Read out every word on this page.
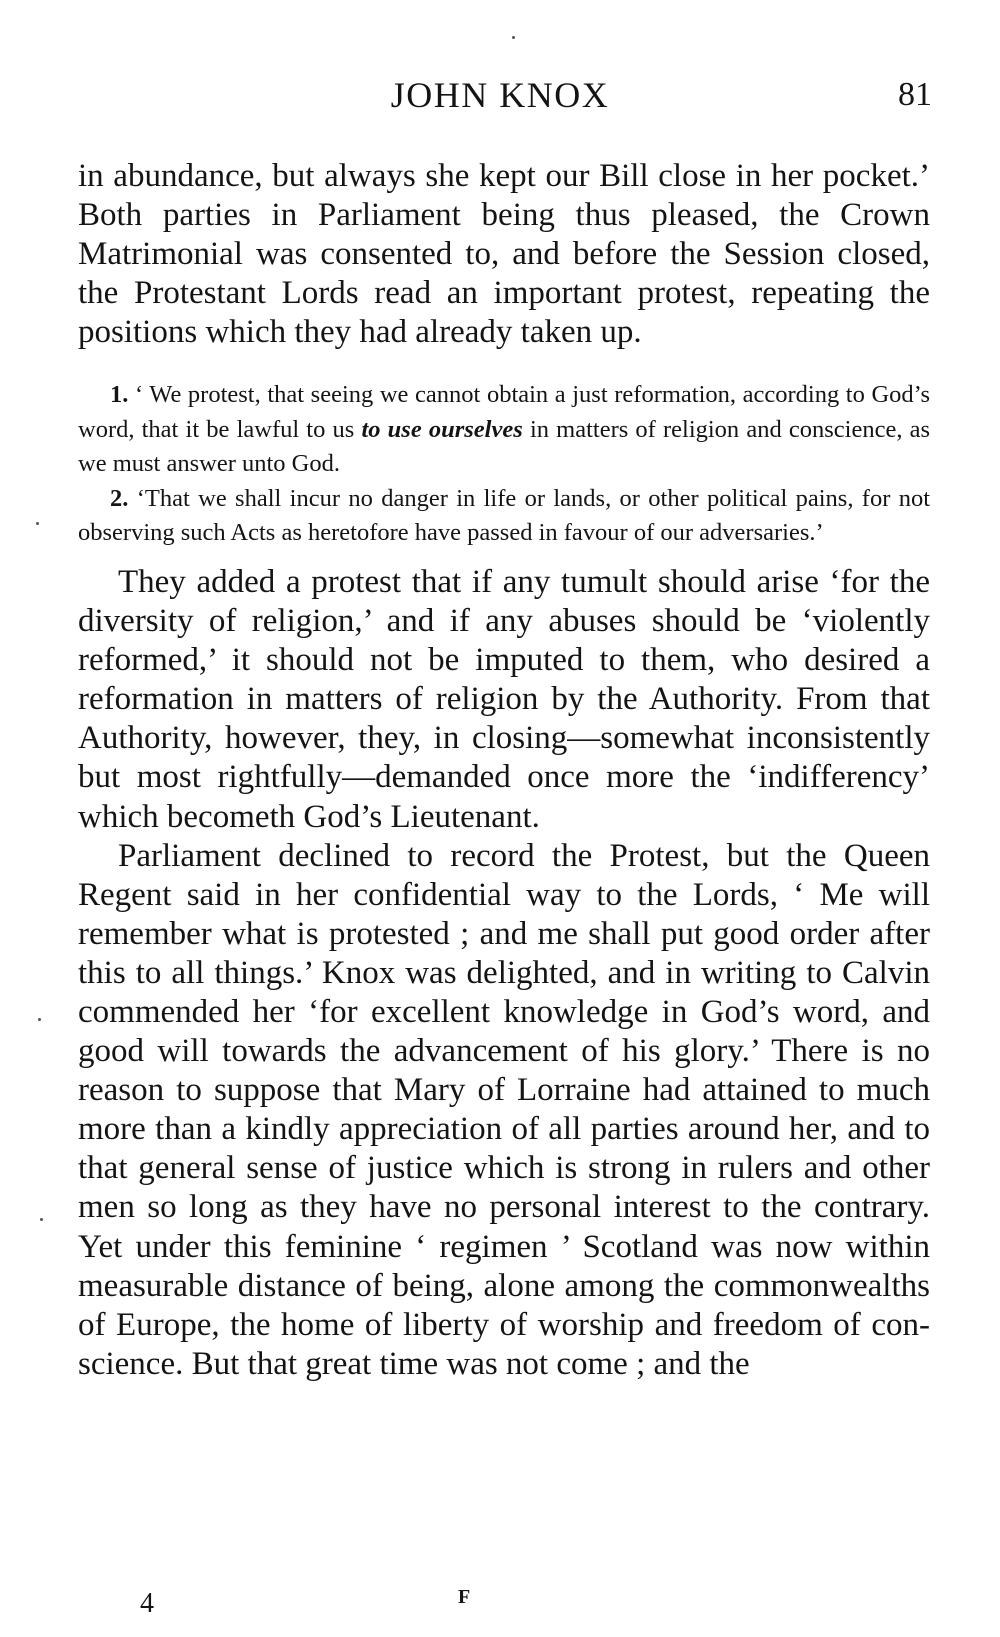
JOHN KNOX	81

in abundance, but always she kept our Bill close in her pocket.’ Both parties in Parliament being thus pleased, the Crown Matrimonial was consented to, and before the Session closed, the Protestant Lords read an important protest, repeating the positions which they had already taken up.

1. ‘ We protest, that seeing we cannot obtain a just reformation, according to God’s word, that it be lawful to us to use ourselves in matters of religion and conscience, as we must answer unto God.

2. ‘That we shall incur no danger in life or lands, or other political pains, for not observing such Acts as heretofore have passed in favour of our adversaries.’

They added a protest that if any tumult should arise ‘for the diversity of religion,’ and if any abuses should be ‘violently reformed,’ it should not be imputed to them, who desired a reformation in matters of religion by the Authority. From that Authority, however, they, in closing—somewhat inconsistently but most rightfully—demanded once more the ‘indifferency’ which becometh God’s Lieutenant.

Parliament declined to record the Protest, but the Queen Regent said in her confidential way to the Lords, ‘ Me will remember what is protested ; and me shall put good order after this to all things.’ Knox was delighted, and in writing to Calvin commended her ‘for excellent knowledge in God’s word, and good will towards the advancement of his glory.’ There is no reason to suppose that Mary of Lorraine had attained to much more than a kindly appreciation of all parties around her, and to that general sense of justice which is strong in rulers and other men so long as they have no personal interest to the contrary. Yet under this feminine ‘ regimen ’ Scotland was now within measurable distance of being, alone among the commonwealths of Europe, the home of liberty of worship and freedom of conscience. But that great time was not come ; and the

4	F
